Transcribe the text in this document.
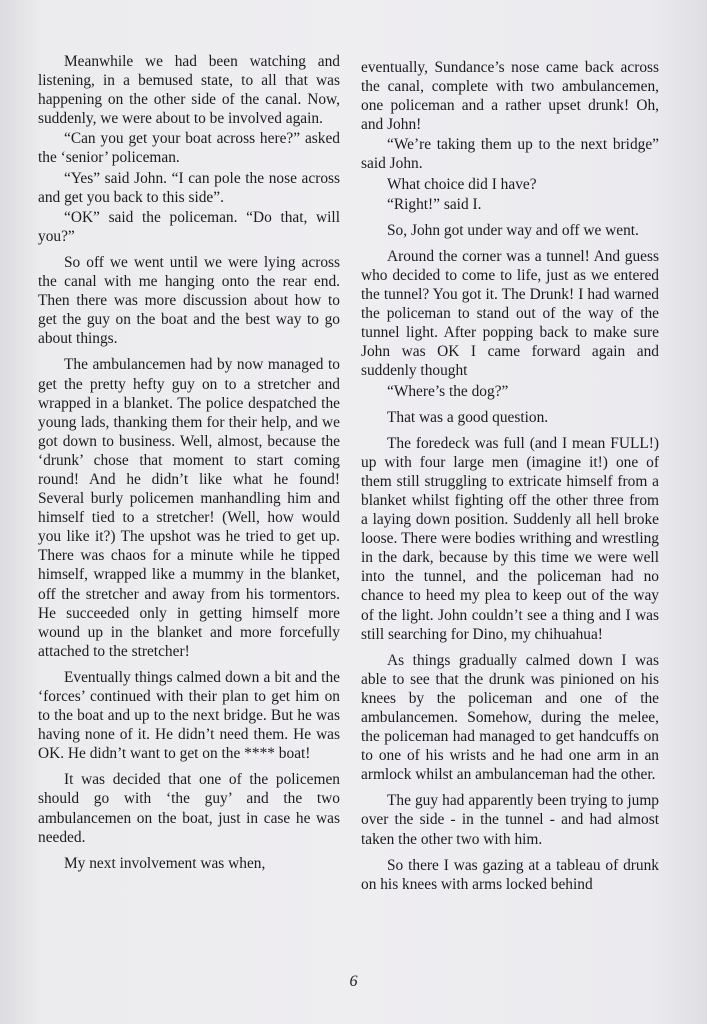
Meanwhile we had been watching and listening, in a bemused state, to all that was happening on the other side of the canal. Now, suddenly, we were about to be involved again.

“Can you get your boat across here?” asked the ‘senior’ policeman.

“Yes” said John. “I can pole the nose across and get you back to this side”.

“OK” said the policeman. “Do that, will you?”

So off we went until we were lying across the canal with me hanging onto the rear end. Then there was more discussion about how to get the guy on the boat and the best way to go about things.

The ambulancemen had by now managed to get the pretty hefty guy on to a stretcher and wrapped in a blanket. The police despatched the young lads, thanking them for their help, and we got down to business. Well, almost, because the ‘drunk’ chose that moment to start coming round! And he didn’t like what he found! Several burly policemen manhandling him and himself tied to a stretcher! (Well, how would you like it?) The upshot was he tried to get up. There was chaos for a minute while he tipped himself, wrapped like a mummy in the blanket, off the stretcher and away from his tormentors. He succeeded only in getting himself more wound up in the blanket and more forcefully attached to the stretcher!

Eventually things calmed down a bit and the ‘forces’ continued with their plan to get him on to the boat and up to the next bridge. But he was having none of it. He didn’t need them. He was OK. He didn’t want to get on the **** boat!

It was decided that one of the policemen should go with ‘the guy’ and the two ambulancemen on the boat, just in case he was needed.

My next involvement was when,

eventually, Sundance’s nose came back across the canal, complete with two ambulancemen, one policeman and a rather upset drunk! Oh, and John!

“We’re taking them up to the next bridge” said John.

What choice did I have?

“Right!” said I.

So, John got under way and off we went.

Around the corner was a tunnel! And guess who decided to come to life, just as we entered the tunnel? You got it. The Drunk! I had warned the policeman to stand out of the way of the tunnel light. After popping back to make sure John was OK I came forward again and suddenly thought

“Where’s the dog?”

That was a good question.

The foredeck was full (and I mean FULL!) up with four large men (imagine it!) one of them still struggling to extricate himself from a blanket whilst fighting off the other three from a laying down position. Suddenly all hell broke loose. There were bodies writhing and wrestling in the dark, because by this time we were well into the tunnel, and the policeman had no chance to heed my plea to keep out of the way of the light. John couldn’t see a thing and I was still searching for Dino, my chihuahua!

As things gradually calmed down I was able to see that the drunk was pinioned on his knees by the policeman and one of the ambulancemen. Somehow, during the melee, the policeman had managed to get handcuffs on to one of his wrists and he had one arm in an armlock whilst an ambulanceman had the other.

The guy had apparently been trying to jump over the side - in the tunnel - and had almost taken the other two with him.

So there I was gazing at a tableau of drunk on his knees with arms locked behind

6
